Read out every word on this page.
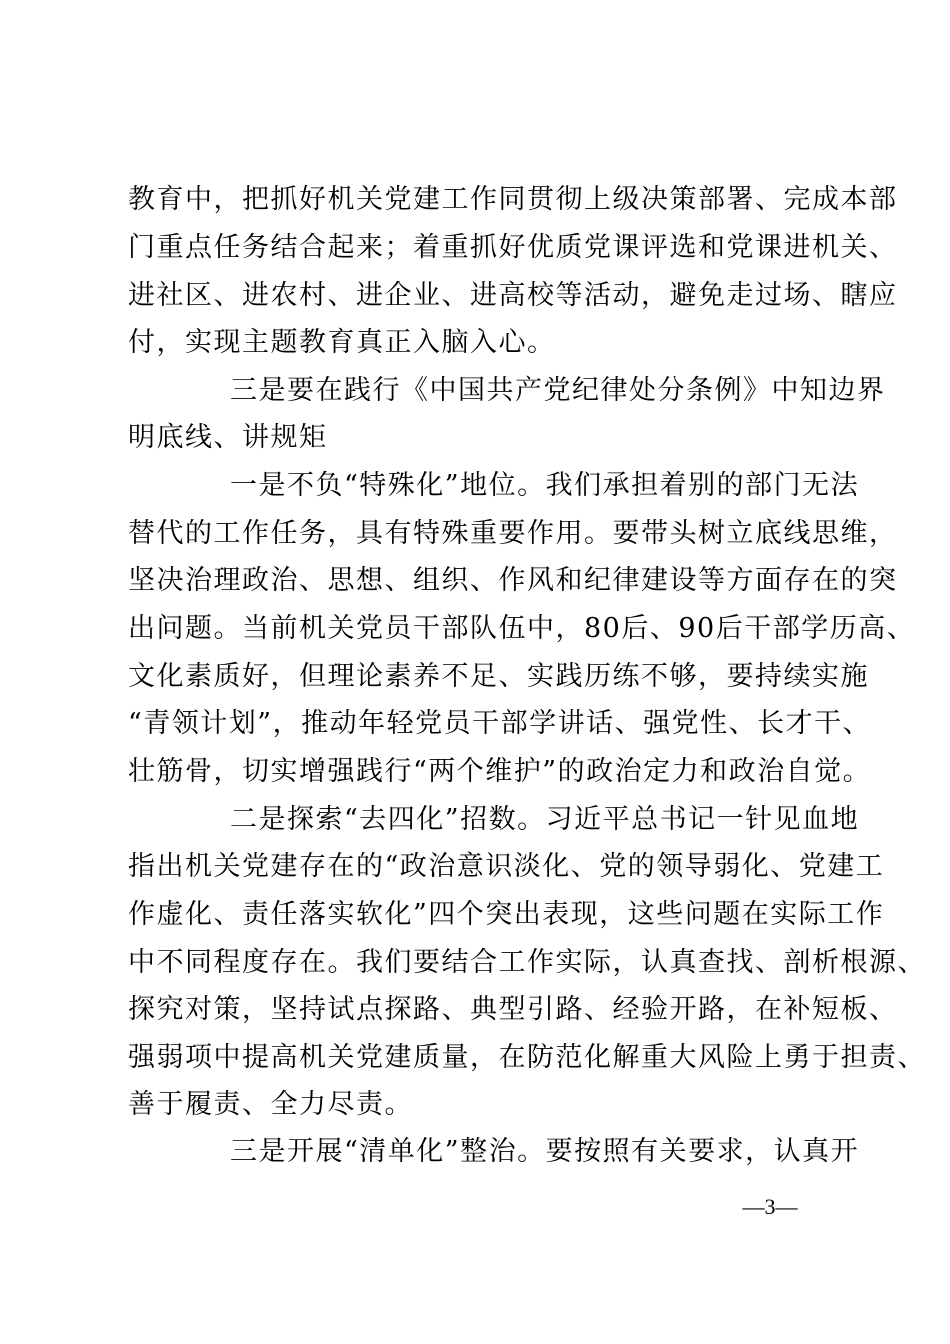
教育中，把抓好机关党建工作同贯彻上级决策部署、完成本部
门重点任务结合起来；着重抓好优质党课评选和党课进机关、
进社区、进农村、进企业、进高校等活动，避免走过场、瞎应
付，实现主题教育真正入脑入心。
三是要在践行《中国共产党纪律处分条例》中知边界
明底线、讲规矩
一是不负“特殊化”地位。我们承担着别的部门无法
替代的工作任务，具有特殊重要作用。要带头树立底线思维，
坚决治理政治、思想、组织、作风和纪律建设等方面存在的突
出问题。当前机关党员干部队伍中，80后、90后干部学历高、
文化素质好，但理论素养不足、实践历练不够，要持续实施
“青领计划”，推动年轻党员干部学讲话、强党性、长才干、
壮筋骨，切实增强践行“两个维护”的政治定力和政治自觉。
二是探索“去四化”招数。习近平总书记一针见血地
指出机关党建存在的“政治意识淡化、党的领导弱化、党建工
作虚化、责任落实软化”四个突出表现，这些问题在实际工作
中不同程度存在。我们要结合工作实际，认真查找、剖析根源、
探究对策，坚持试点探路、典型引路、经验开路，在补短板、
强弱项中提高机关党建质量，在防范化解重大风险上勇于担责、
善于履责、全力尽责。
三是开展“清单化”整治。要按照有关要求，认真开
—3—
